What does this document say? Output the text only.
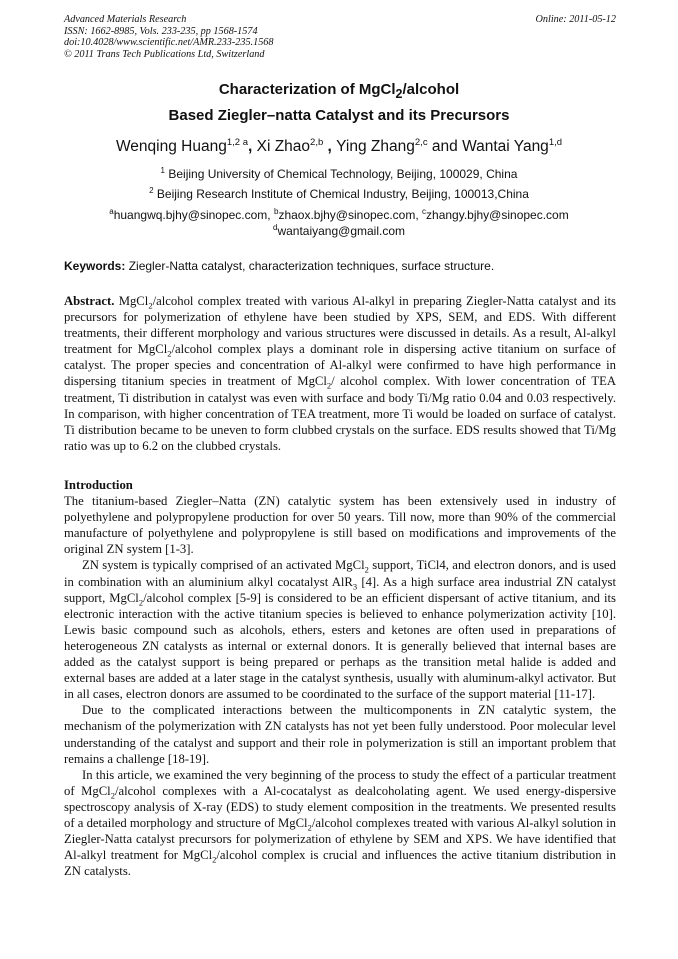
Advanced Materials Research
ISSN: 1662-8985, Vols. 233-235, pp 1568-1574
doi:10.4028/www.scientific.net/AMR.233-235.1568
© 2011 Trans Tech Publications Ltd, Switzerland
Online: 2011-05-12
Characterization of MgCl$_2$/alcohol
Based Ziegler–natta Catalyst and its Precursors
Wenqing Huang$^{1,2 a}$, Xi Zhao$^{2,b}$ , Ying Zhang$^{2,c}$ and Wantai Yang$^{1,d}$
$^1$ Beijing University of Chemical Technology, Beijing, 100029, China
$^2$ Beijing Research Institute of Chemical Industry, Beijing, 100013,China
$^a$huangwq.bjhy@sinopec.com, $^b$zhaox.bjhy@sinopec.com, $^c$zhangy.bjhy@sinopec.com
$^d$wantaiyang@gmail.com
Keywords: Ziegler-Natta catalyst, characterization techniques, surface structure.

Abstract. MgCl$_2$/alcohol complex treated with various Al-alkyl in preparing Ziegler-Natta catalyst and its precursors for polymerization of ethylene have been studied by XPS, SEM, and EDS. With different treatments, their different morphology and various structures were discussed in details. As a result, Al-alkyl treatment for MgCl$_2$/alcohol complex plays a dominant role in dispersing active titanium on surface of catalyst. The proper species and concentration of Al-alkyl were confirmed to have high performance in dispersing titanium species in treatment of MgCl$_2$/ alcohol complex. With lower concentration of TEA treatment, Ti distribution in catalyst was even with surface and body Ti/Mg ratio 0.04 and 0.03 respectively. In comparison, with higher concentration of TEA treatment, more Ti would be loaded on surface of catalyst. Ti distribution became to be uneven to form clubbed crystals on the surface. EDS results showed that Ti/Mg ratio was up to 6.2 on the clubbed crystals.

Introduction

The titanium-based Ziegler–Natta (ZN) catalytic system has been extensively used in industry of polyethylene and polypropylene production for over 50 years. Till now, more than 90% of the commercial manufacture of polyethylene and polypropylene is still based on modifications and improvements of the original ZN system [1-3].

ZN system is typically comprised of an activated MgCl$_2$ support, TiCl4, and electron donors, and is used in combination with an aluminium alkyl cocatalyst AlR$_3$ [4]. As a high surface area industrial ZN catalyst support, MgCl$_2$/alcohol complex [5-9] is considered to be an efficient dispersant of active titanium, and its electronic interaction with the active titanium species is believed to enhance polymerization activity [10]. Lewis basic compound such as alcohols, ethers, esters and ketones are often used in preparations of heterogeneous ZN catalysts as internal or external donors. It is generally believed that internal bases are added as the catalyst support is being prepared or perhaps as the transition metal halide is added and external bases are added at a later stage in the catalyst synthesis, usually with aluminum-alkyl activator. But in all cases, electron donors are assumed to be coordinated to the surface of the support material [11-17].

Due to the complicated interactions between the multicomponents in ZN catalytic system, the mechanism of the polymerization with ZN catalysts has not yet been fully understood. Poor molecular level understanding of the catalyst and support and their role in polymerization is still an important problem that remains a challenge [18-19].

In this article, we examined the very beginning of the process to study the effect of a particular treatment of MgCl$_2$/alcohol complexes with a Al-cocatalyst as dealcoholating agent. We used energy-dispersive spectroscopy analysis of X-ray (EDS) to study element composition in the treatments. We presented results of a detailed morphology and structure of MgCl$_2$/alcohol complexes treated with various Al-alkyl solution in Ziegler-Natta catalyst precursors for polymerization of ethylene by SEM and XPS. We have identified that Al-alkyl treatment for MgCl$_2$/alcohol complex is crucial and influences the active titanium distribution in ZN catalysts.
